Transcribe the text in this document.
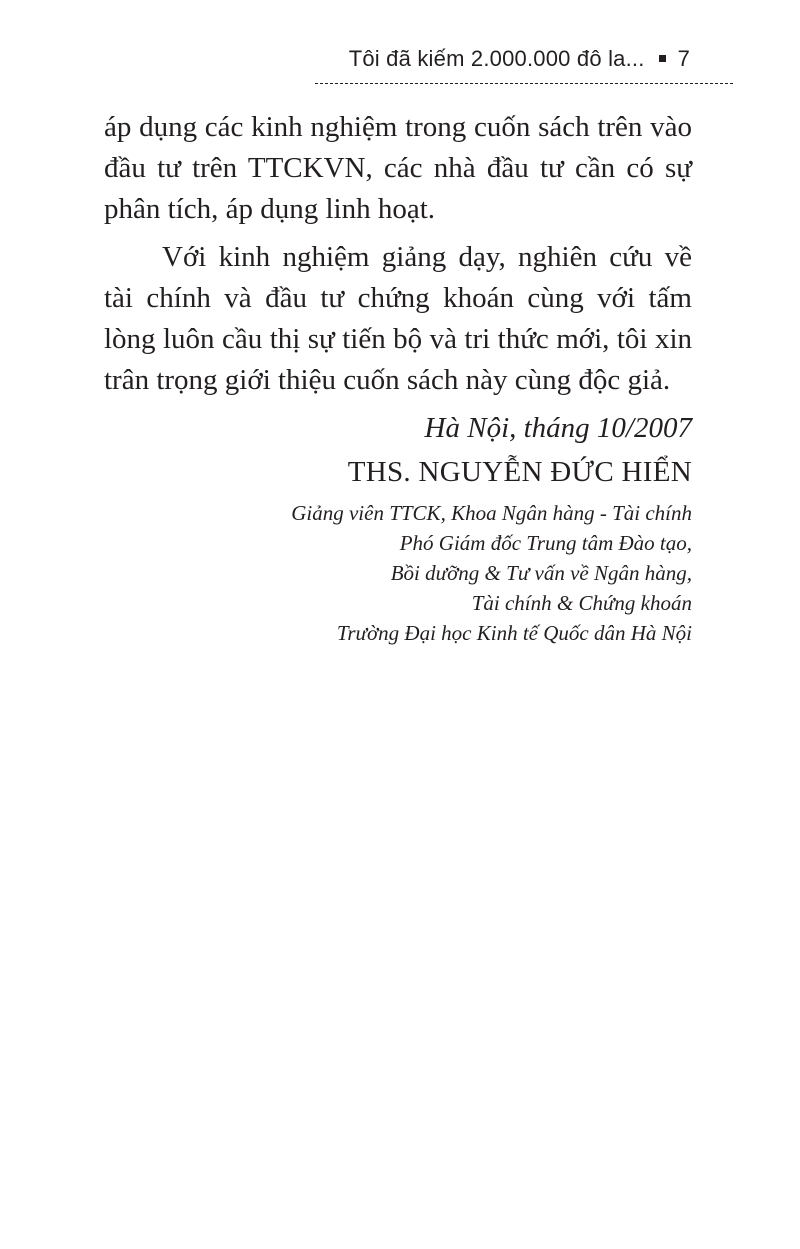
Tôi đã kiếm 2.000.000 đô la... 7

áp dụng các kinh nghiệm trong cuốn sách trên vào đầu tư trên TTCKVN, các nhà đầu tư cần có sự phân tích, áp dụng linh hoạt.

Với kinh nghiệm giảng dạy, nghiên cứu về tài chính và đầu tư chứng khoán cùng với tấm lòng luôn cầu thị sự tiến bộ và tri thức mới, tôi xin trân trọng giới thiệu cuốn sách này cùng độc giả.

Hà Nội, tháng 10/2007
THS. NGUYỄN ĐỨC HIỂN
Giảng viên TTCK, Khoa Ngân hàng - Tài chính
Phó Giám đốc Trung tâm Đào tạo,
Bồi dưỡng & Tư vấn về Ngân hàng,
Tài chính & Chứng khoán
Trường Đại học Kinh tế Quốc dân Hà Nội
